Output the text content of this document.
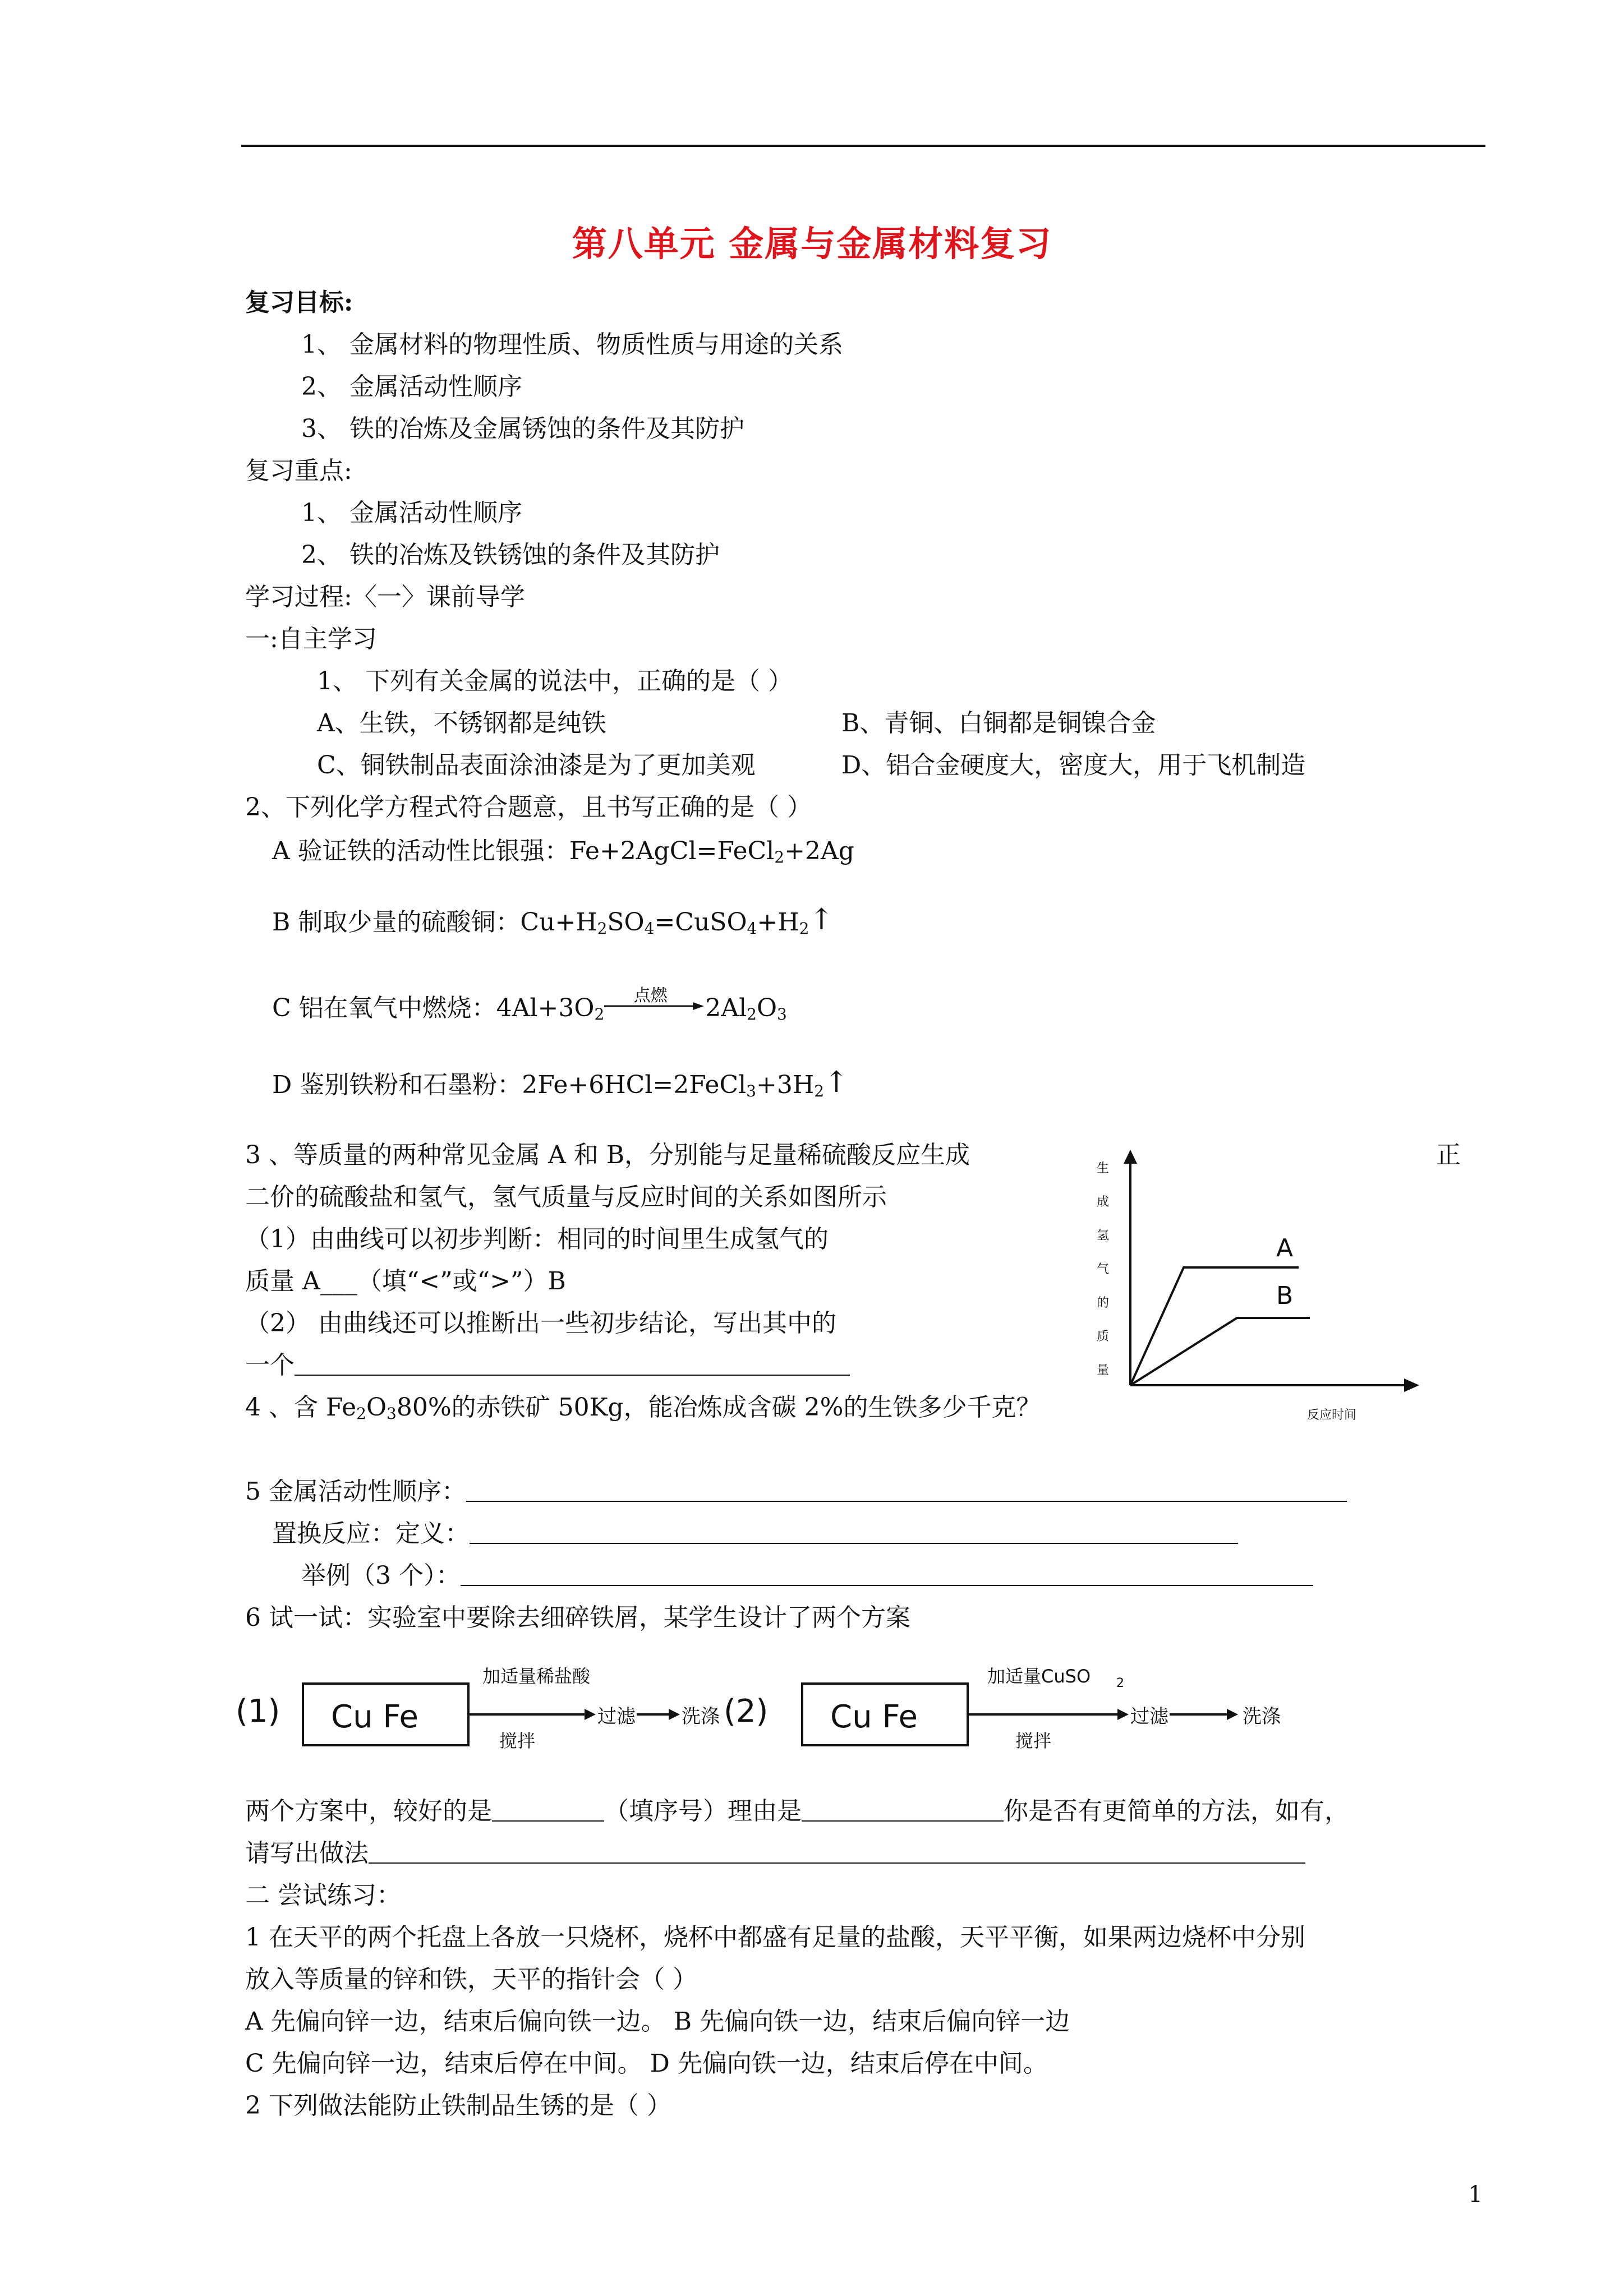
第八单元 金属与金属材料复习
复习目标:
1、 金属材料的物理性质、物质性质与用途的关系
2、 金属活动性顺序
3、 铁的冶炼及金属锈蚀的条件及其防护
复习重点:
1、 金属活动性顺序
2、 铁的冶炼及铁锈蚀的条件及其防护
学习过程:〈一〉课前导学
一:自主学习
1、 下列有关金属的说法中，正确的是（ ）
A、生铁，不锈钢都是纯铁	B、青铜、白铜都是铜镍合金
C、铜铁制品表面涂油漆是为了更加美观	D、铝合金硬度大，密度大，用于飞机制造
2、下列化学方程式符合题意，且书写正确的是（ ）
A 验证铁的活动性比银强：Fe+2AgCl=FeCl$_2$+2Ag
B 制取少量的硫酸铜：$Cu+H_2SO_4=CuSO_4+H_2↑$
C 铝在氧气中燃烧：$4Al+3O_2$
点燃	$2Al_2O_3$
D 鉴别铁粉和石墨粉：$2Fe+6HCl=2FeCl_3+3H_2↑$
3 、等质量的两种常见金属 A 和 B，分别能与足量稀硫酸反应生成	正
二价的硫酸盐和氢气，氢气质量与反应时间的关系如图所示
（1）由曲线可以初步判断：相同的时间里生成氢气的
质量 A___（填“<”或“>”）B
（2） 由曲线还可以推断出一些初步结论，写出其中的
一个
生
成
氢
气
的
质
量
A
B
反应时间
4 、含 $Fe_2O_380\%$的赤铁矿 50Kg，能冶炼成含碳 2%的生铁多少千克？
5 金属活动性顺序：
置换反应：定义：
举例（3 个）：
6 试一试：实验室中要除去细碎铁屑，某学生设计了两个方案
(1) Cu Fe
加适量稀盐酸
搅拌
过滤 洗涤 (2) Cu Fe
加适量CuSO 2
搅拌
过滤	洗涤
两个方案中，较好的是	（填序号）理由是	你是否有更简单的方法，如有，
请写出做法
二 尝试练习：
1 在天平的两个托盘上各放一只烧杯，烧杯中都盛有足量的盐酸，天平平衡，如果两边烧杯中分别
放入等质量的锌和铁，天平的指针会（ ）
A 先偏向锌一边，结束后偏向铁一边。 B 先偏向铁一边，结束后偏向锌一边
C 先偏向锌一边，结束后停在中间。 D 先偏向铁一边，结束后停在中间。
2 下列做法能防止铁制品生锈的是（ ）
1
